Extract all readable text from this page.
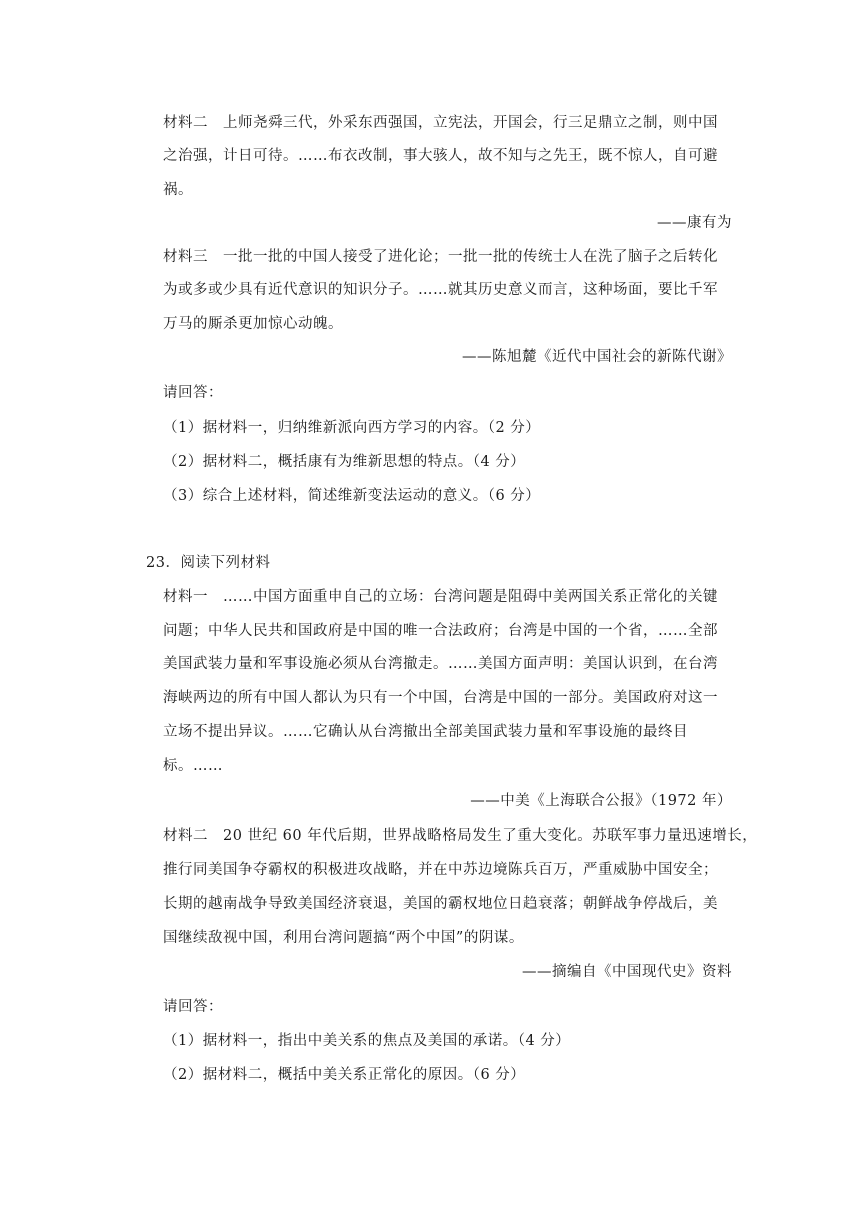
材料二　上师尧舜三代，外采东西强国，立宪法，开国会，行三足鼎立之制，则中国
之治强，计日可待。……布衣改制，事大骇人，故不知与之先王，既不惊人，自可避
祸。
——康有为
材料三　一批一批的中国人接受了进化论；一批一批的传统士人在洗了脑子之后转化
为或多或少具有近代意识的知识分子。……就其历史意义而言，这种场面，要比千军
万马的厮杀更加惊心动魄。
——陈旭麓《近代中国社会的新陈代谢》
请回答：
（1）据材料一，归纳维新派向西方学习的内容。（2 分）
（2）据材料二，概括康有为维新思想的特点。（4 分）
（3）综合上述材料，简述维新变法运动的意义。（6 分）
23．阅读下列材料
材料一　……中国方面重申自己的立场：台湾问题是阻碍中美两国关系正常化的关键
问题；中华人民共和国政府是中国的唯一合法政府；台湾是中国的一个省，……全部
美国武装力量和军事设施必须从台湾撤走。……美国方面声明：美国认识到，在台湾
海峡两边的所有中国人都认为只有一个中国，台湾是中国的一部分。美国政府对这一
立场不提出异议。……它确认从台湾撤出全部美国武装力量和军事设施的最终目
标。……
——中美《上海联合公报》（1972 年）
材料二　20 世纪 60 年代后期，世界战略格局发生了重大变化。苏联军事力量迅速增长，
推行同美国争夺霸权的积极进攻战略，并在中苏边境陈兵百万，严重威胁中国安全；
长期的越南战争导致美国经济衰退，美国的霸权地位日趋衰落；朝鲜战争停战后，美
国继续敌视中国，利用台湾问题搞“两个中国”的阴谋。
——摘编自《中国现代史》资料
请回答：
（1）据材料一，指出中美关系的焦点及美国的承诺。（4 分）
（2）据材料二，概括中美关系正常化的原因。（6 分）
